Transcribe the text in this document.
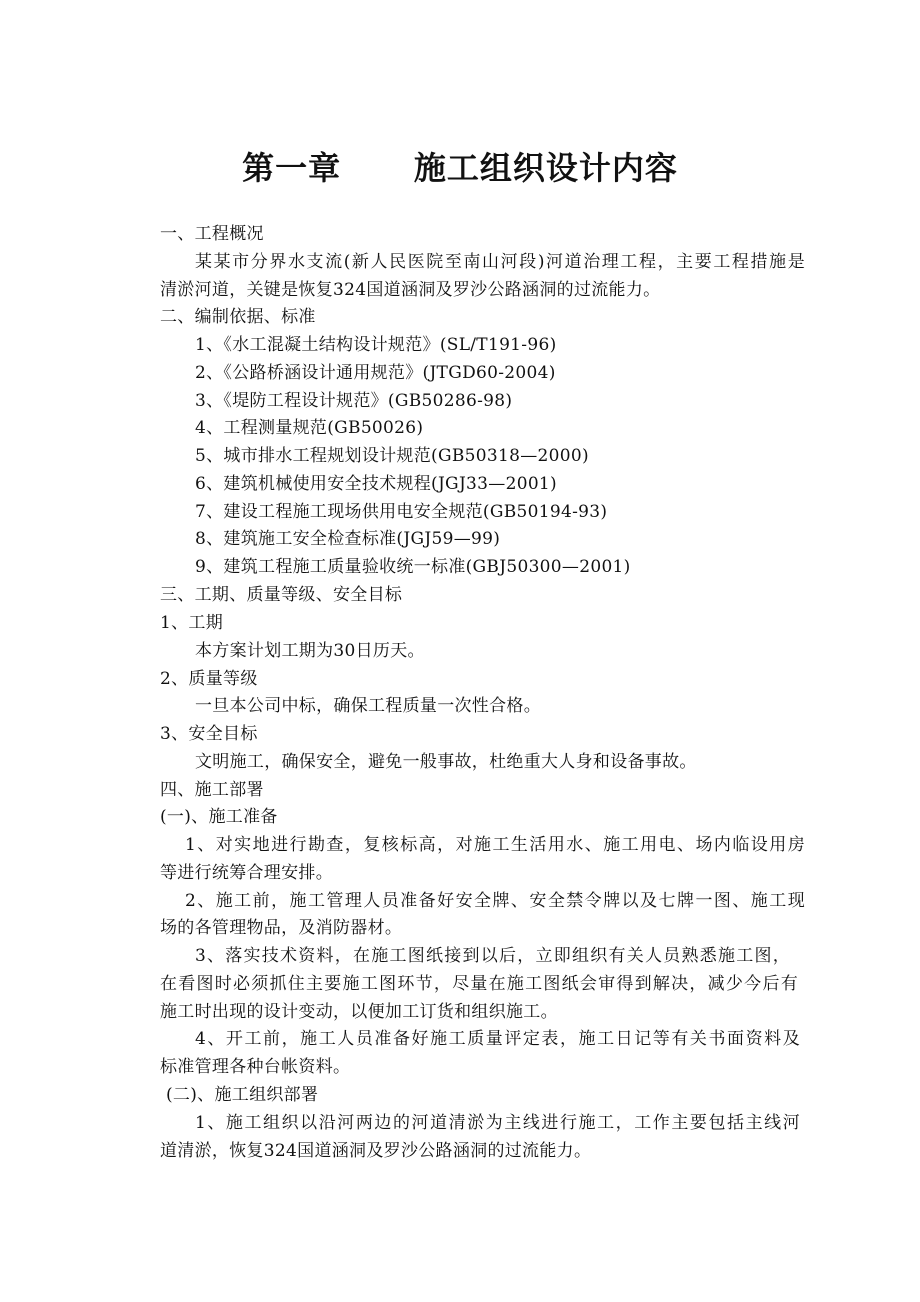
第一章      施工组织设计内容
一、工程概况
某某市分界水支流(新人民医院至南山河段)河道治理工程，主要工程措施是
清淤河道，关键是恢复324国道涵洞及罗沙公路涵洞的过流能力。
二、编制依据、标准
1、《水工混凝土结构设计规范》(SL/T191-96)
2、《公路桥涵设计通用规范》(JTGD60-2004)
3、《堤防工程设计规范》(GB50286-98)
4、工程测量规范(GB50026)
5、城市排水工程规划设计规范(GB50318—2000)
6、建筑机械使用安全技术规程(JGJ33—2001)
7、建设工程施工现场供用电安全规范(GB50194-93)
8、建筑施工安全检查标准(JGJ59—99)
9、建筑工程施工质量验收统一标准(GBJ50300—2001)
三、工期、质量等级、安全目标
1、工期
本方案计划工期为30日历天。
2、质量等级
一旦本公司中标，确保工程质量一次性合格。
3、安全目标
文明施工，确保安全，避免一般事故，杜绝重大人身和设备事故。
四、施工部署
(一)、施工准备
1、对实地进行勘查，复核标高，对施工生活用水、施工用电、场内临设用房
等进行统筹合理安排。
2、施工前，施工管理人员准备好安全牌、安全禁令牌以及七牌一图、施工现
场的各管理物品，及消防器材。
3、落实技术资料，在施工图纸接到以后，立即组织有关人员熟悉施工图，
在看图时必须抓住主要施工图环节，尽量在施工图纸会审得到解决，减少今后有
施工时出现的设计变动，以便加工订货和组织施工。
4、开工前，施工人员准备好施工质量评定表，施工日记等有关书面资料及
标准管理各种台帐资料。
(二)、施工组织部署
1、施工组织以沿河两边的河道清淤为主线进行施工，工作主要包括主线河
道清淤，恢复324国道涵洞及罗沙公路涵洞的过流能力。
